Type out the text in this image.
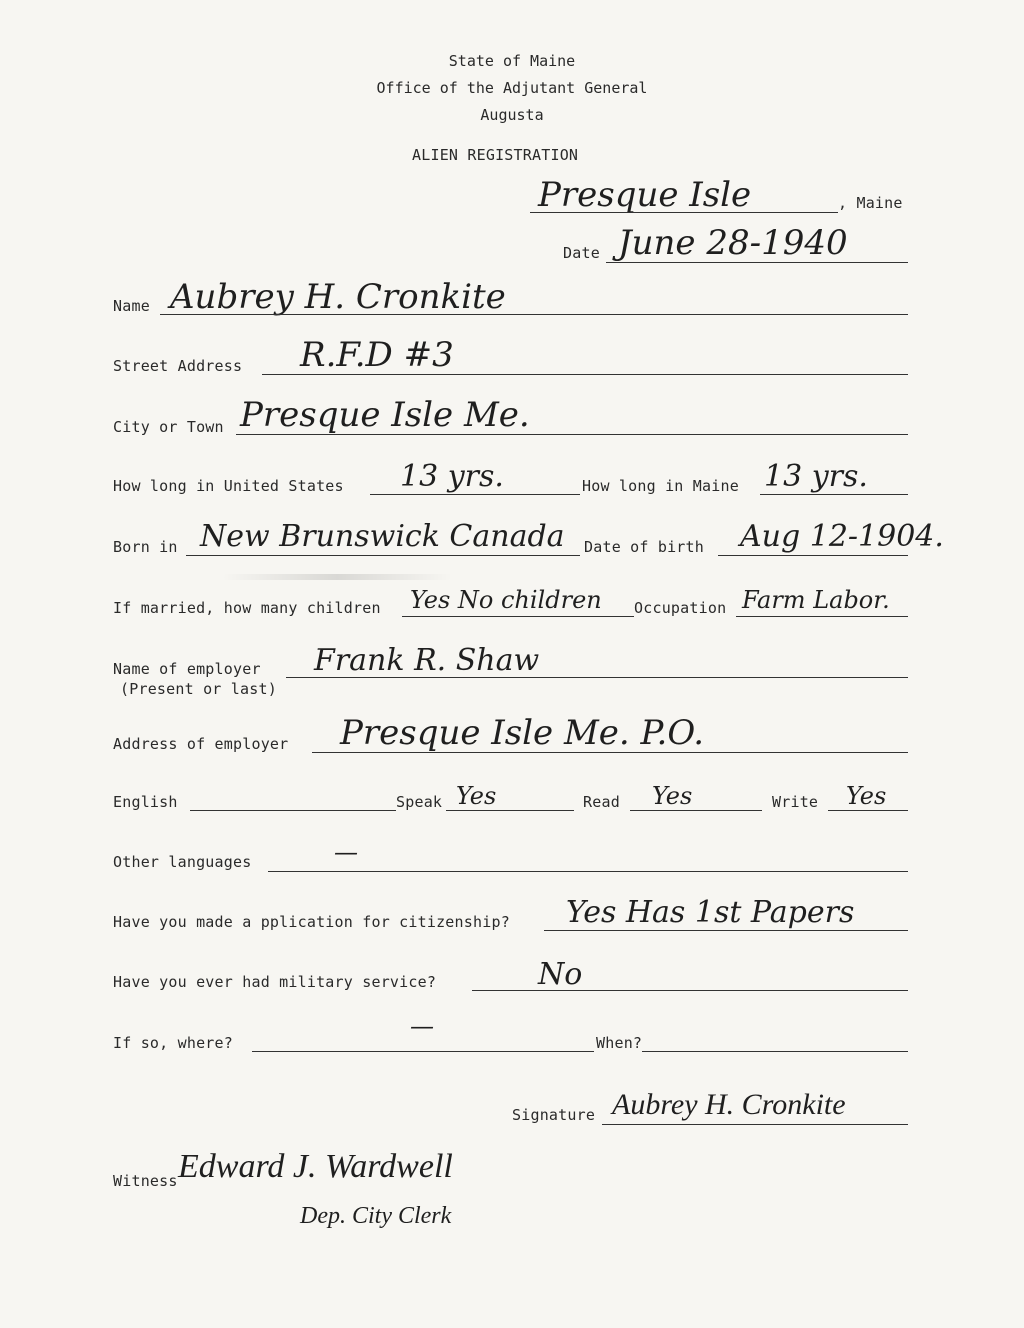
State of Maine
Office of the Adjutant General
Augusta
ALIEN REGISTRATION
Presque Isle	, Maine
Date June 28-1940
Name Aubrey H. Cronkite
Street Address R.F.D #3
City or Town Presque Isle Me.
How long in United States 13 yrs.	How long in Maine 13 yrs.
Born in New Brunswick Canada Date of birth Aug 12-1904.
If married, how many children Yes No children Occupation Farm Labor.
Name of employer
(Present or last)
Frank R. Shaw
Address of employer Presque Isle Me. P.O.
English	Speak Yes	Read Yes	Write Yes
Other languages	—
Have you made a pplication for citizenship? Yes Has 1st Papers
Have you ever had military service?	No
If so, where?
—
When?
Signature Aubrey H. Cronkite
Witness Edward J. Wardwell
Dep. City Clerk
